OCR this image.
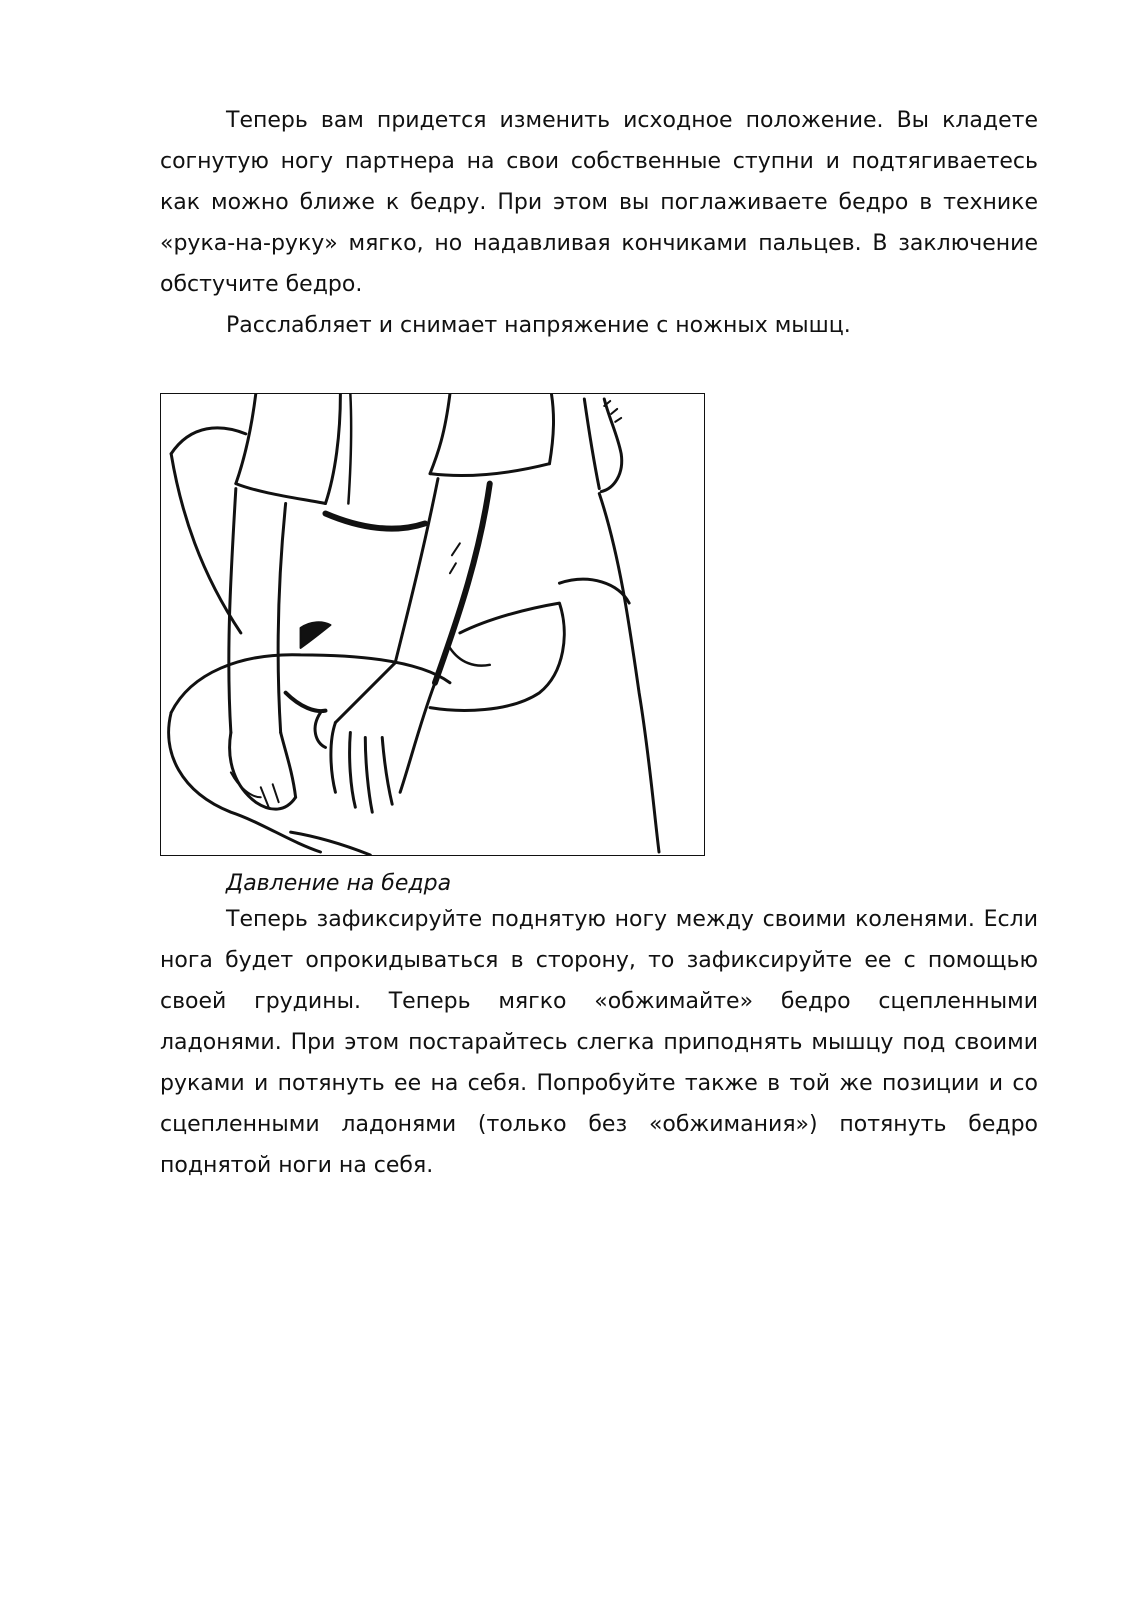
Теперь вам придется изменить исходное положение. Вы кладете согнутую ногу партнера на свои собственные ступни и подтягиваетесь как можно ближе к бедру. При этом вы поглаживаете бедро в технике «рука-на-руку» мягко, но надавливая кончиками пальцев. В заключение обстучите бедро.

Расслабляет и снимает напряжение с ножных мышц.

Давление на бедра

Теперь зафиксируйте поднятую ногу между своими коленями. Если нога будет опрокидываться в сторону, то зафиксируйте ее с помощью своей грудины. Теперь мягко «обжимайте» бедро сцепленными ладонями. При этом постарайтесь слегка приподнять мышцу под своими руками и потянуть ее на себя. Попробуйте также в той же позиции и со сцепленными ладонями (только без «обжимания») потянуть бедро поднятой ноги на себя.
